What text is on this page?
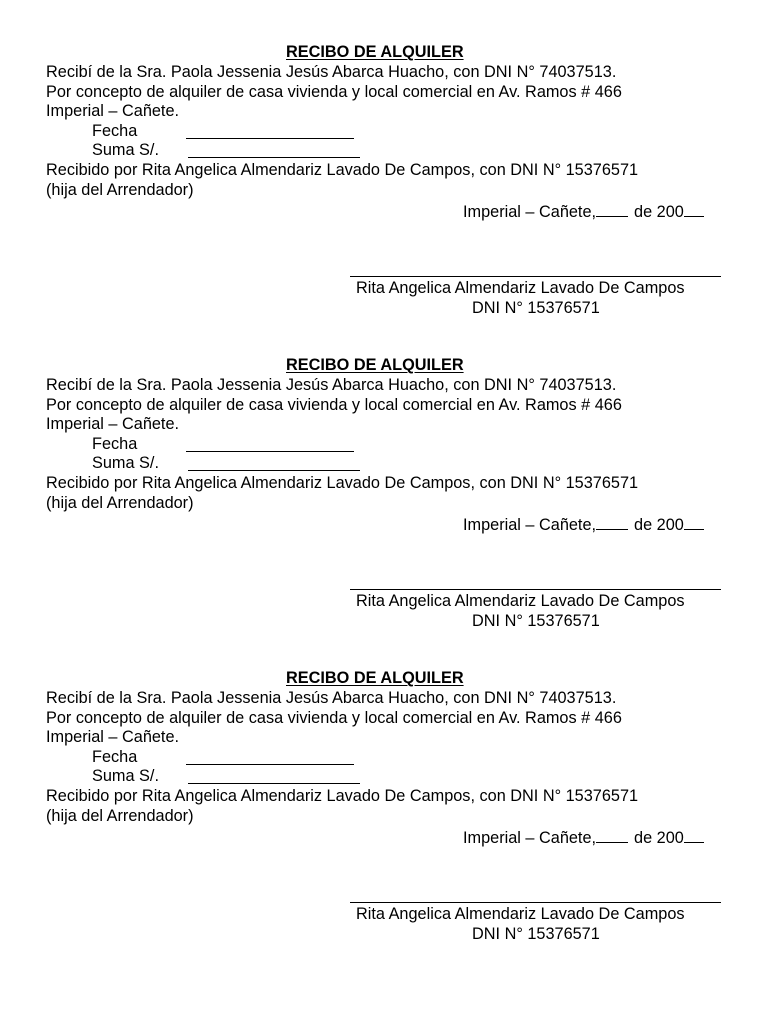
RECIBO DE ALQUILER
Recibí de la Sra. Paola Jessenia Jesús Abarca Huacho, con DNI N° 74037513.
Por concepto de alquiler de casa vivienda y local comercial en Av. Ramos # 466
Imperial – Cañete.
Fecha
Suma S/.
Recibido por Rita Angelica Almendariz Lavado De Campos, con DNI N° 15376571
(hija del Arrendador)
Imperial – Cañete, de 200
Rita Angelica Almendariz Lavado De Campos
DNI N° 15376571
RECIBO DE ALQUILER
Recibí de la Sra. Paola Jessenia Jesús Abarca Huacho, con DNI N° 74037513.
Por concepto de alquiler de casa vivienda y local comercial en Av. Ramos # 466
Imperial – Cañete.
Fecha
Suma S/.
Recibido por Rita Angelica Almendariz Lavado De Campos, con DNI N° 15376571
(hija del Arrendador)
Imperial – Cañete, de 200
Rita Angelica Almendariz Lavado De Campos
DNI N° 15376571
RECIBO DE ALQUILER
Recibí de la Sra. Paola Jessenia Jesús Abarca Huacho, con DNI N° 74037513.
Por concepto de alquiler de casa vivienda y local comercial en Av. Ramos # 466
Imperial – Cañete.
Fecha
Suma S/.
Recibido por Rita Angelica Almendariz Lavado De Campos, con DNI N° 15376571
(hija del Arrendador)
Imperial – Cañete, de 200
Rita Angelica Almendariz Lavado De Campos
DNI N° 15376571
